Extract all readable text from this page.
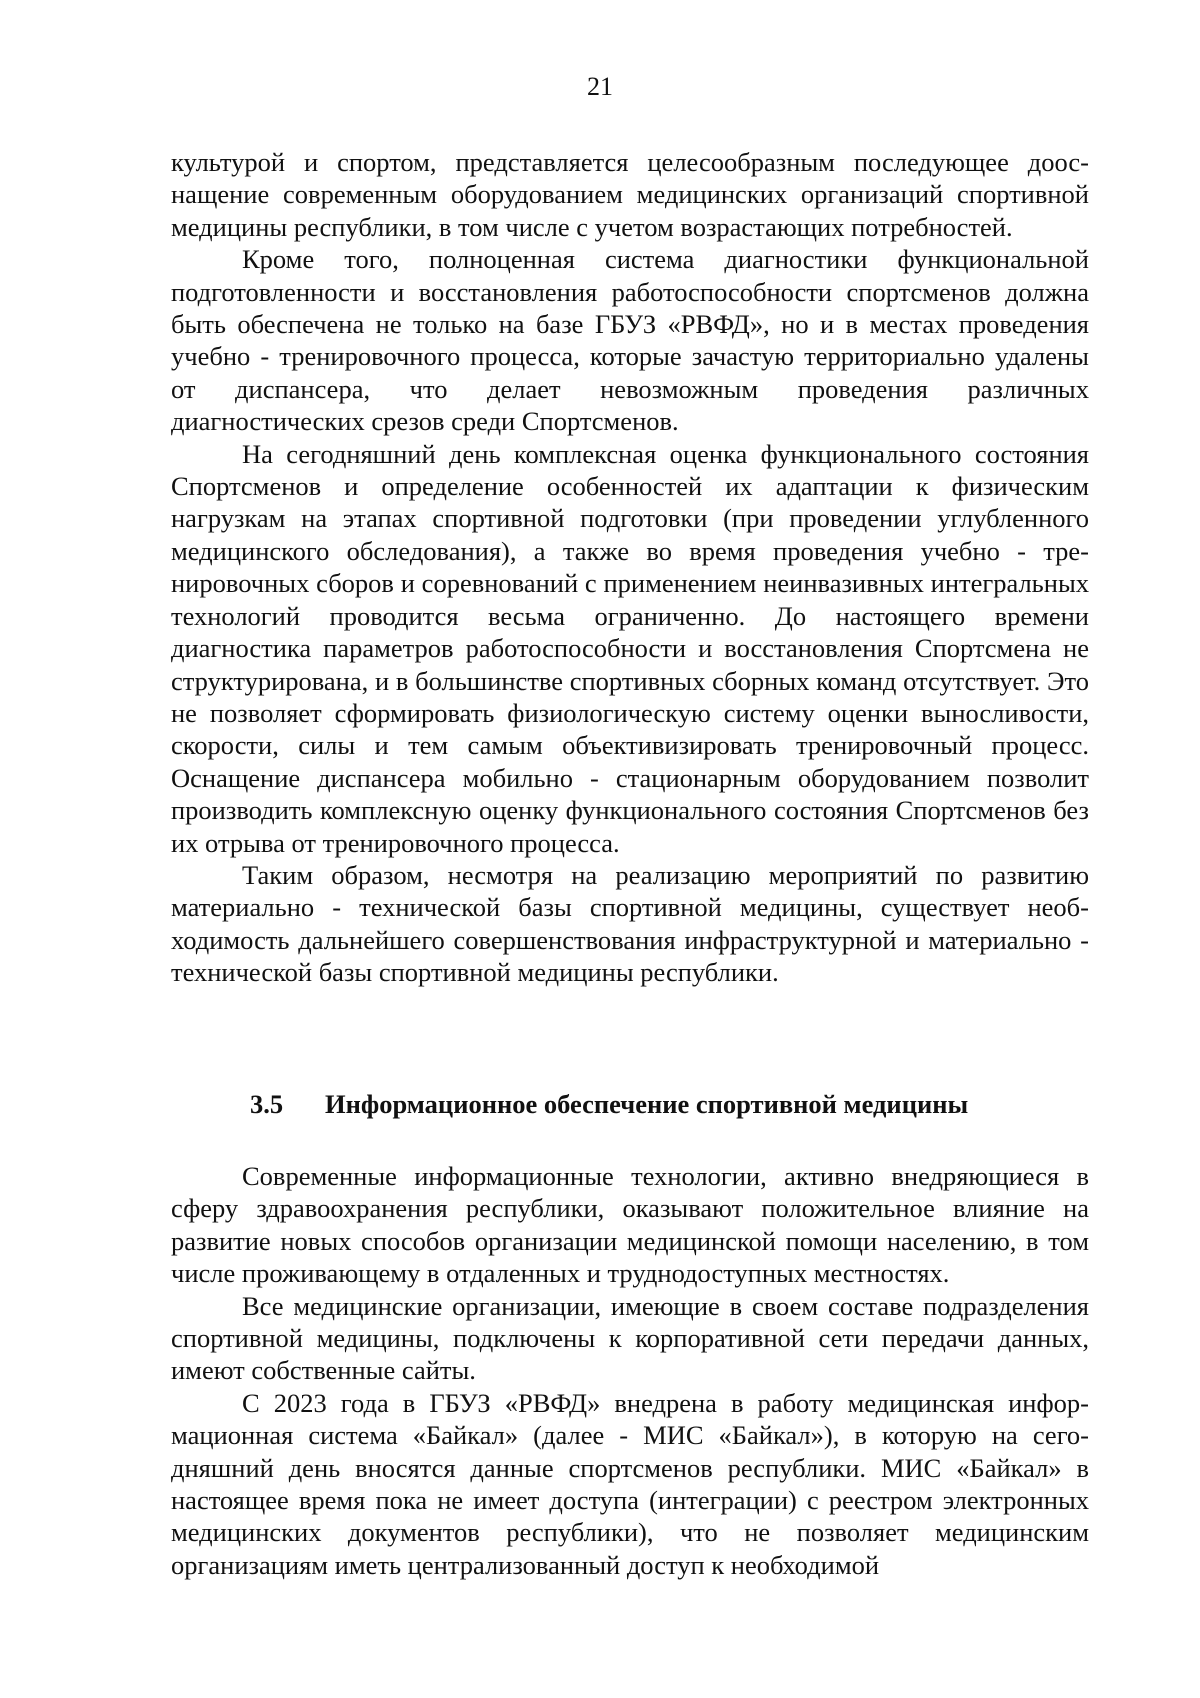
21

культурой и спортом, представляется целесообразным последующее дооснащение современным оборудованием медицинских организаций спортивной медицины республики, в том числе с учетом возрастающих потребностей.

Кроме того, полноценная система диагностики функциональной подготовленности и восстановления работоспособности спортсменов должна быть обеспечена не только на базе ГБУЗ «РВФД», но и в местах проведения учебно - тренировочного процесса, которые зачастую территориально удалены от диспансера, что делает невозможным проведения различных диагностических срезов среди Спортсменов.

На сегодняшний день комплексная оценка функционального состояния Спортсменов и определение особенностей их адаптации к физическим нагрузкам на этапах спортивной подготовки (при проведении углубленного медицинского обследования), а также во время проведения учебно - тренировочных сборов и соревнований с применением неинвазивных интегральных технологий проводится весьма ограниченно. До настоящего времени диагностика параметров работоспособности и восстановления Спортсмена не структурирована, и в большинстве спортивных сборных команд отсутствует. Это не позволяет сформировать физиологическую систему оценки выносливости, скорости, силы и тем самым объективизировать тренировочный процесс. Оснащение диспансера мобильно - стационарным оборудованием позволит производить комплексную оценку функционального состояния Спортсменов без их отрыва от тренировочного процесса.

Таким образом, несмотря на реализацию мероприятий по развитию материально - технической базы спортивной медицины, существует необходимость дальнейшего совершенствования инфраструктурной и материально - технической базы спортивной медицины республики.

3.5 Информационное обеспечение спортивной медицины

Современные информационные технологии, активно внедряющиеся в сферу здравоохранения республики, оказывают положительное влияние на развитие новых способов организации медицинской помощи населению, в том числе проживающему в отдаленных и труднодоступных местностях.

Все медицинские организации, имеющие в своем составе подразделения спортивной медицины, подключены к корпоративной сети передачи данных, имеют собственные сайты.

С 2023 года в ГБУЗ «РВФД» внедрена в работу медицинская информационная система «Байкал» (далее - МИС «Байкал»), в которую на сегодняшний день вносятся данные спортсменов республики. МИС «Байкал» в настоящее время пока не имеет доступа (интеграции) с реестром электронных медицинских документов республики), что не позволяет медицинским организациям иметь централизованный доступ к необходимой
